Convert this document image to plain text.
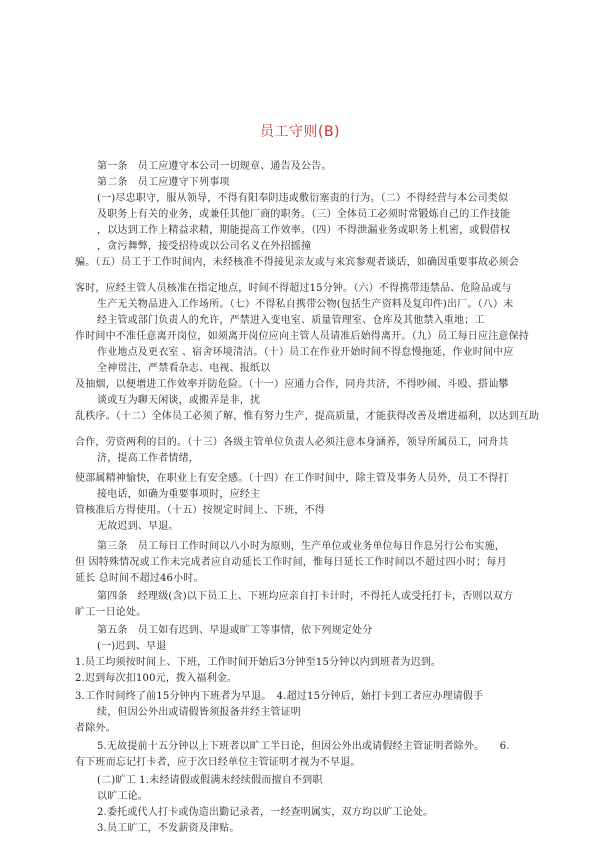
员工守则(B)

第一条　员工应遵守本公司一切规章、通告及公告。

第二条　员工应遵守下列事项

(一)尽忠职守，服从领导，不得有阳奉阴违或敷衍塞责的行为。（二）不得经营与本公司类似

及职务上有关的业务，或兼任其他厂商的职务。（三）全体员工必须时常锻炼自己的工作技能

，以达到工作上精益求精，期能提高工作效率。（四）不得泄漏业务或职务上机密，或假借权

，贪污舞弊，接受招待或以公司名义在外招摇撞

骗。（五）员工于工作时间内，未经核准不得接见亲友或与来宾参观者谈话，如确因重要事故必须会

客时，应经主管人员核准在指定地点，时间不得超过15分钟。（六）不得携带违禁品、危险品或与

生产无关物品进入工作场所。（七）不得私自携带公物(包括生产资料及复印件)出厂。（八）未

经主管或部门负责人的允许，严禁进入变电室、质量管理室、仓库及其他禁入重地；工

作时间中不准任意离开岗位，如须离开岗位应向主管人员请准后始得离开。（九）员工每日应注意保持

作业地点及更衣室 、宿舍环境清洁。（十）员工在作业开始时间不得怠慢拖延，作业时间中应

全神贯注，严禁看杂志、电视、报纸以

及抽烟，以便增进工作效率并防危险。（十一）应通力合作，同舟共济，不得吵闹、斗殴、搭讪攀

谈或互为聊天闲谈，或搬弄是非，扰

乱秩序。（十二）全体员工必须了解，惟有努力生产，提高质量，才能获得改善及增进福利，以达到互助

合作，劳资两利的目的。（十三）各级主管单位负责人必须注意本身涵养，领导所属员工，同舟共

济，提高工作者情绪，

使部属精神愉快，在职业上有安全感。（十四）在工作时间中，除主管及事务人员外，员工不得打

接电话，如确为重要事项时，应经主

管核准后方得使用。（十五）按规定时间上、下班，不得

无故迟到、早退。

第三条　员工每日工作时间以八小时为原则，生产单位或业务单位每日作息另行公布实施，

但 因特殊情况或工作未完成者应自动延长工作时间，惟每日延长工作时间以不超过四小时；每月

延长 总时间不超过46小时。

第四条　经理级(含)以下员工上、下班均应亲自打卡计时，不得托人或受托打卡，否则以双方

旷工一日论处。

第五条　员工如有迟到、早退或旷工等事情，依下列规定处分

(一)迟到、早退

1.员工均须按时间上、下班，工作时间开始后3分钟至15分钟以内到班者为迟到。

2.迟到每次扣100元，拨入福利金。

3.工作时间终了前15分钟内下班者为早退。　4.超过15分钟后，始打卡到工者应办理请假手

续，但因公外出或请假皆须报备并经主管证明

者除外。

5.无故提前十五分钟以上下班者以旷工半日论，但因公外出或请假经主管证明者除外。　　6.

有下班而忘记打卡者，应于次日经单位主管证明才视为不早退。

(二)旷工 1.未经请假或假满未经续假而擅自不到职

以旷工论。

2.委托或代人打卡或伪造出勤记录者，一经查明属实，双方均以旷工论处。

3.员工旷工，不发薪资及津贴。
